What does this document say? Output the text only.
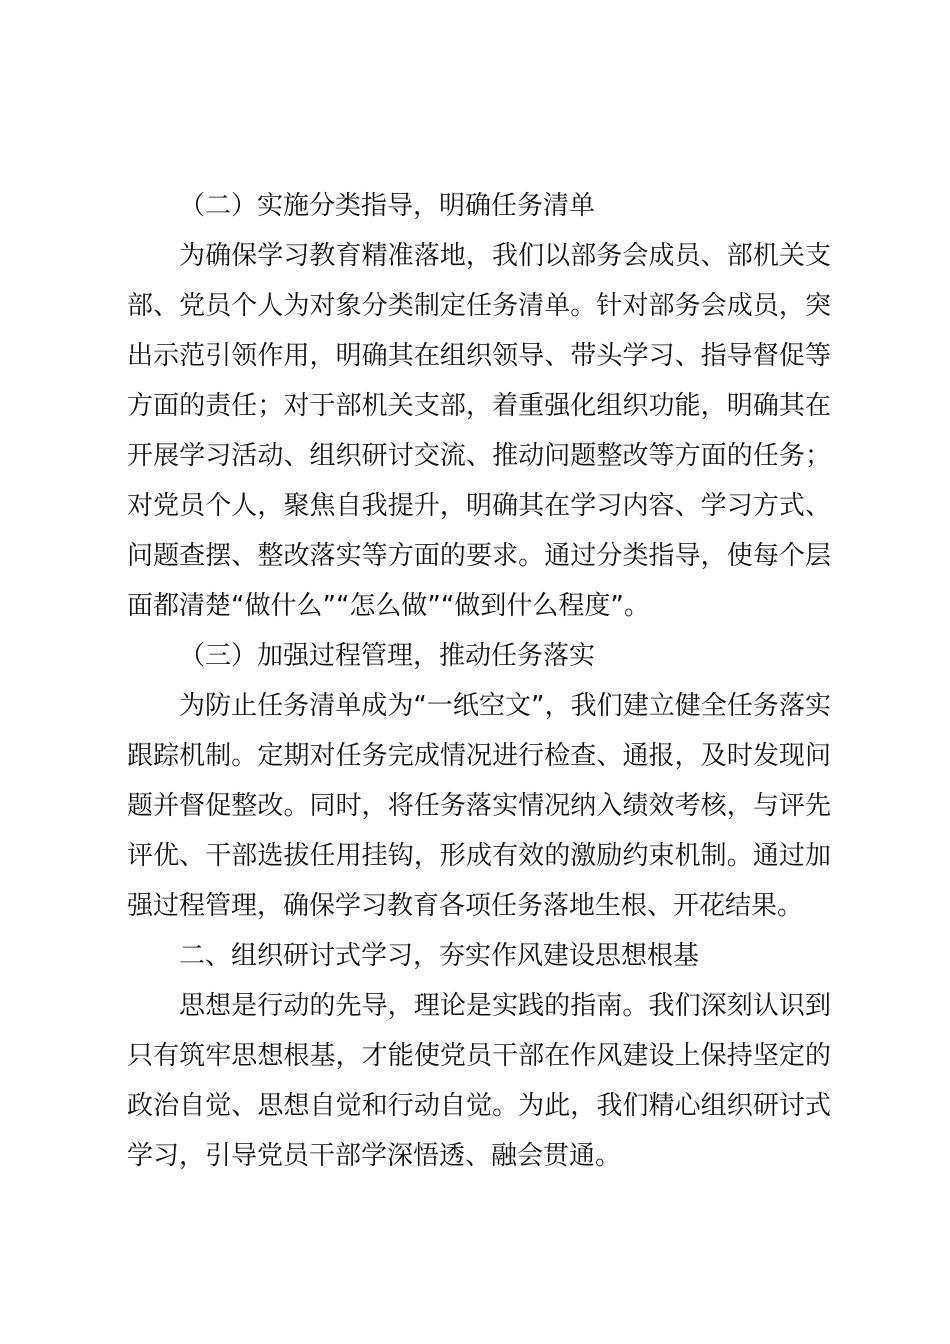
（二）实施分类指导，明确任务清单

为确保学习教育精准落地，我们以部务会成员、部机关支部、党员个人为对象分类制定任务清单。针对部务会成员，突出示范引领作用，明确其在组织领导、带头学习、指导督促等方面的责任；对于部机关支部，着重强化组织功能，明确其在开展学习活动、组织研讨交流、推动问题整改等方面的任务；对党员个人，聚焦自我提升，明确其在学习内容、学习方式、问题查摆、整改落实等方面的要求。通过分类指导，使每个层面都清楚“做什么”“怎么做”“做到什么程度”。

（三）加强过程管理，推动任务落实

为防止任务清单成为“一纸空文”，我们建立健全任务落实跟踪机制。定期对任务完成情况进行检查、通报，及时发现问题并督促整改。同时，将任务落实情况纳入绩效考核，与评先评优、干部选拔任用挂钩，形成有效的激励约束机制。通过加强过程管理，确保学习教育各项任务落地生根、开花结果。

二、组织研讨式学习，夯实作风建设思想根基

思想是行动的先导，理论是实践的指南。我们深刻认识到只有筑牢思想根基，才能使党员干部在作风建设上保持坚定的政治自觉、思想自觉和行动自觉。为此，我们精心组织研讨式学习，引导党员干部学深悟透、融会贯通。
